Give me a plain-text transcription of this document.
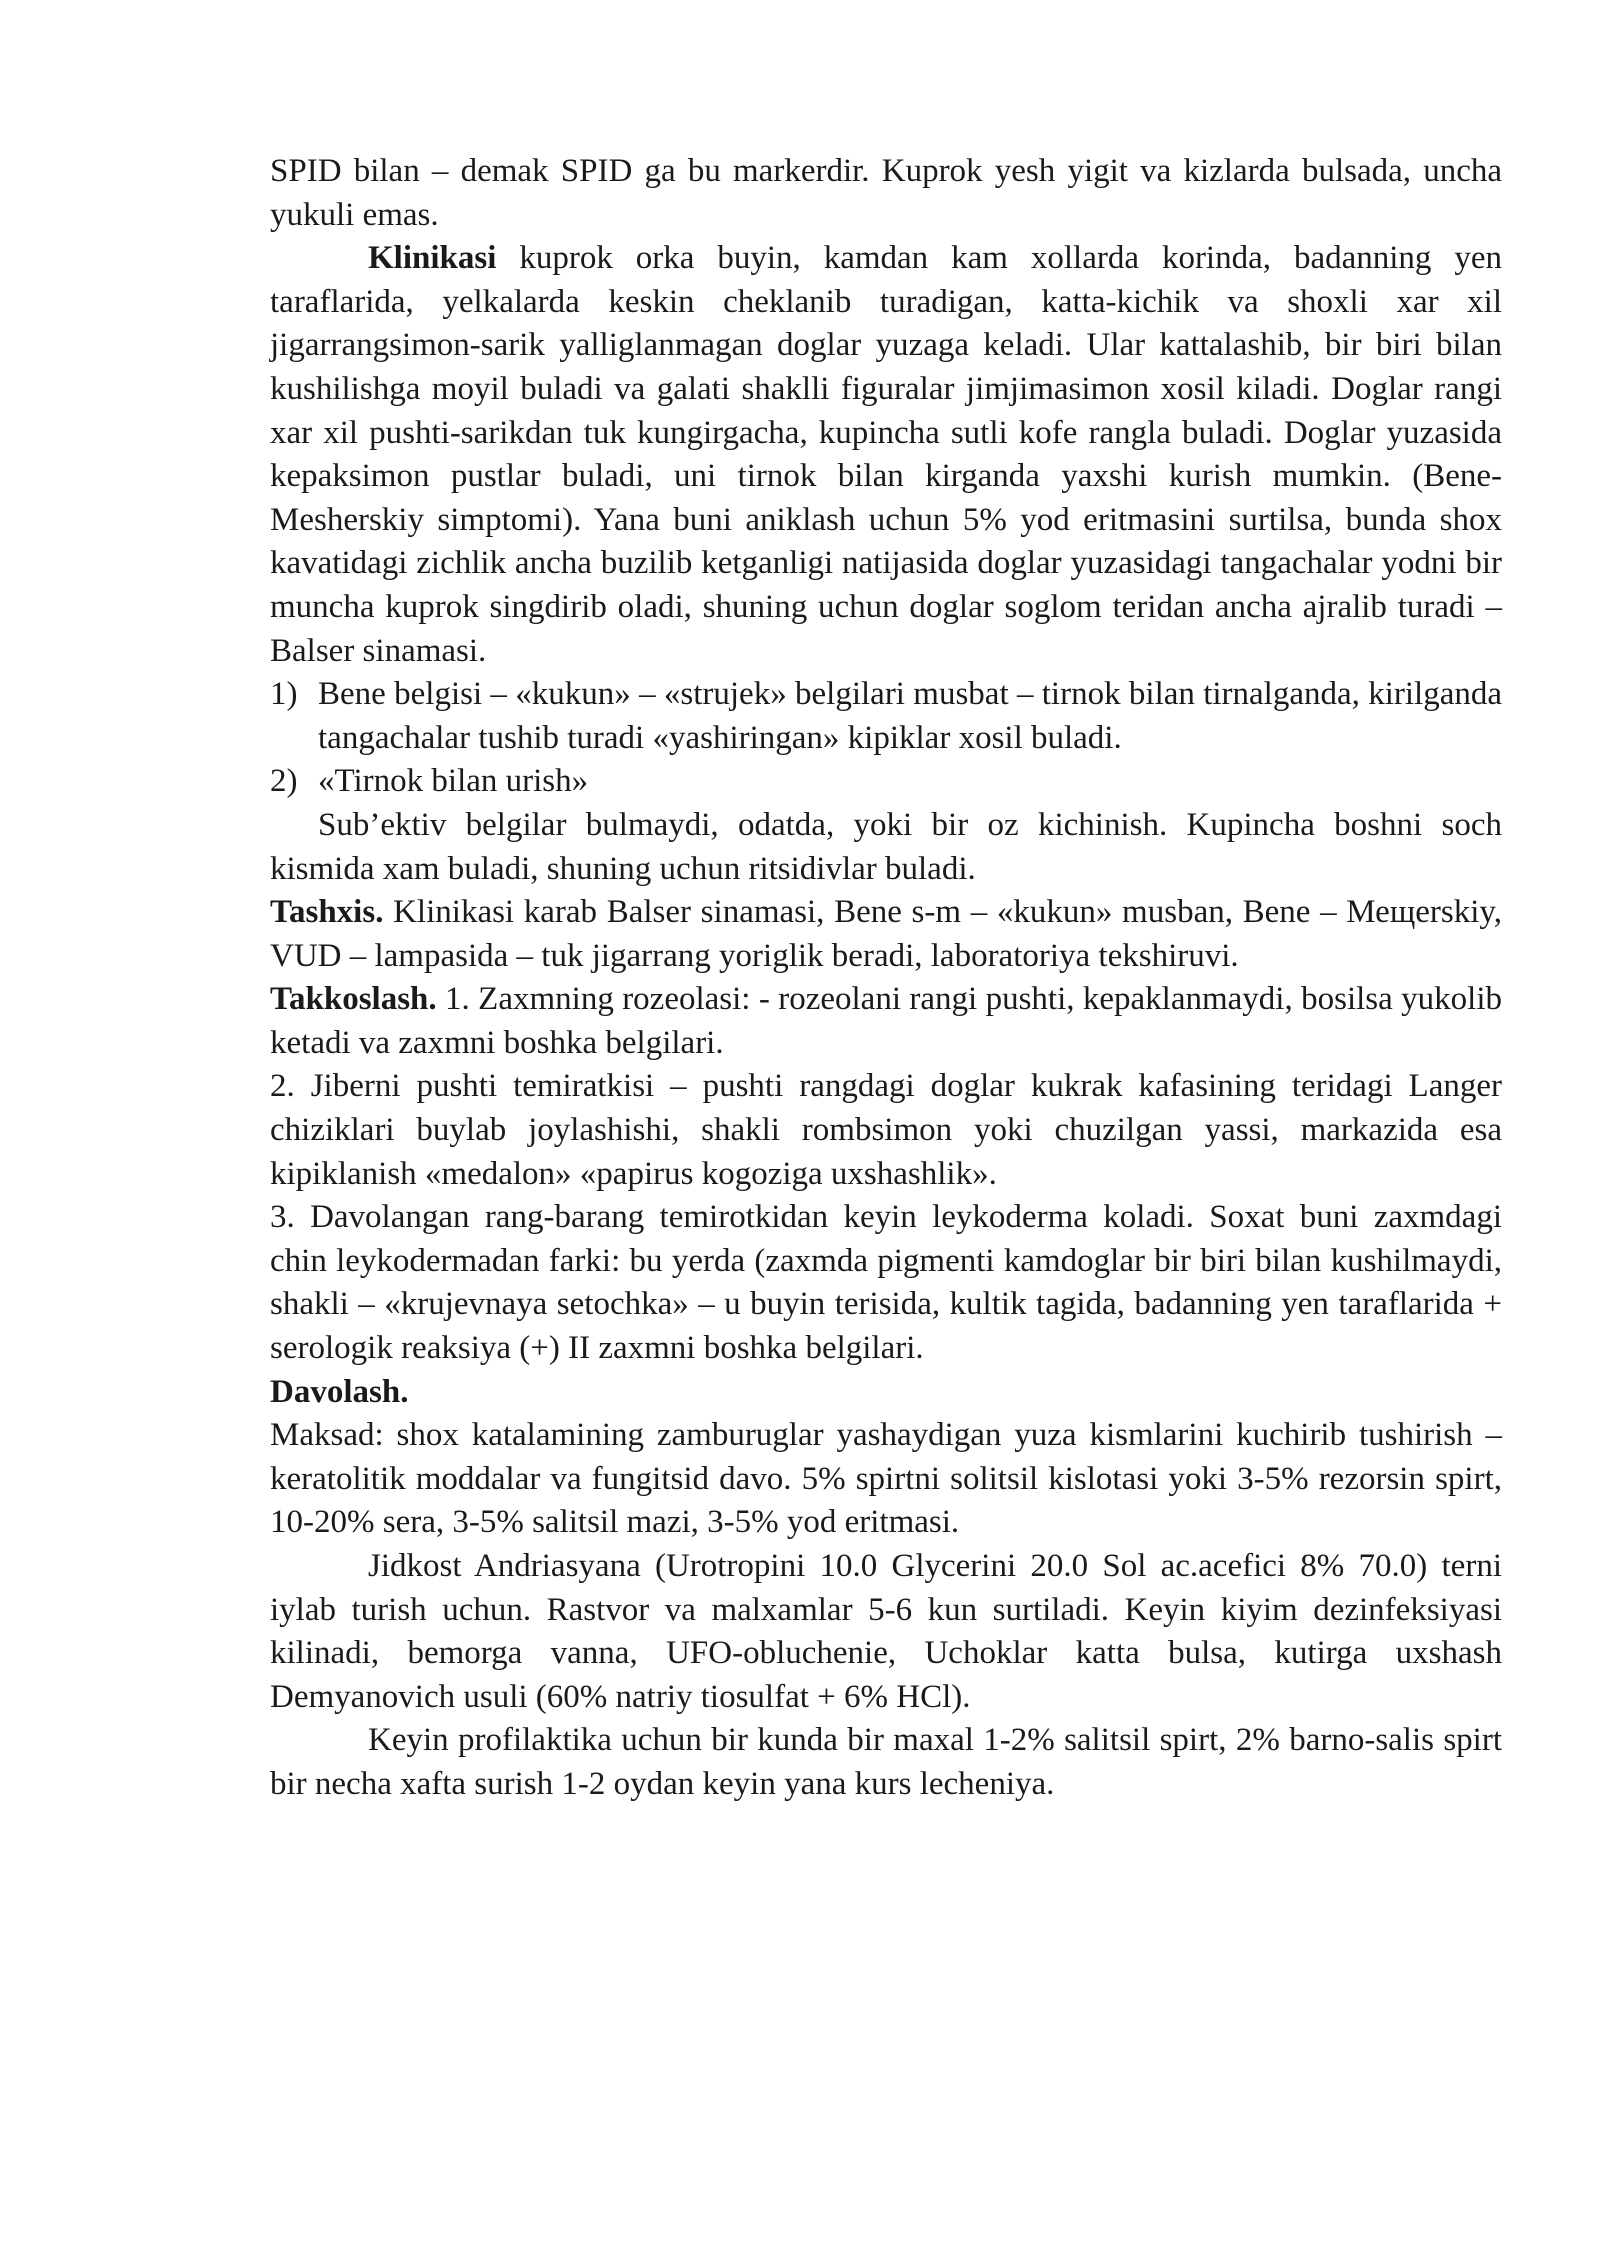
SPID bilan – demak SPID ga bu markerdir. Kuprok yesh yigit va kizlarda bulsada, uncha yukuli emas.

Klinikasi kuprok orka buyin, kamdan kam xollarda korinda, badanning yen taraflarida, yelkalarda keskin cheklanib turadigan, katta-kichik va shoxli xar xil jigarrangsimon-sarik yalliglanmagan doglar yuzaga keladi. Ular kattalashib, bir biri bilan kushilishga moyil buladi va galati shaklli figuralar jimjimasimon xosil kiladi. Doglar rangi xar xil pushti-sarikdan tuk kungirgacha, kupincha sutli kofe rangla buladi. Doglar yuzasida kepaksimon pustlar buladi, uni tirnok bilan kirganda yaxshi kurish mumkin. (Bene-Mesherskiy simptomi). Yana buni aniklash uchun 5% yod eritmasini surtilsa, bunda shox kavatidagi zichlik ancha buzilib ketganligi natijasida doglar yuzasidagi tangachalar yodni bir muncha kuprok singdirib oladi, shuning uchun doglar soglom teridan ancha ajralib turadi – Balser sinamasi.

1) Bene belgisi – «kukun» – «strujek» belgilari musbat – tirnok bilan tirnalganda, kirilganda tangachalar tushib turadi «yashiringan» kipiklar xosil buladi.
2) «Tirnok bilan urish»

Sub’ektiv belgilar bulmaydi, odatda, yoki bir oz kichinish. Kupincha boshni soch kismida xam buladi, shuning uchun ritsidivlar buladi.

Tashxis. Klinikasi karab Balser sinamasi, Bene s-m – «kukun» musban, Bene – Мещerskiy, VUD – lampasida – tuk jigarrang yoriglik beradi, laboratoriya tekshiruvi.

Takkoslash. 1. Zaxmning rozeolasi: - rozeolani rangi pushti, kepaklanmaydi, bosilsa yukolib ketadi va zaxmni boshka belgilari.

2. Jiberni pushti temiratkisi – pushti rangdagi doglar kukrak kafasining teridagi Langer chiziklari buylab joylashishi, shakli rombsimon yoki chuzilgan yassi, markazida esa kipiklanish «medalon» «papirus kogoziga uxshashlik».

3. Davolangan rang-barang temirotkidan keyin leykoderma koladi. Soxat buni zaxmdagi chin leykodermadan farki: bu yerda (zaxmda pigmenti kamdoglar bir biri bilan kushilmaydi, shakli – «krujevnaya setochka» – u buyin terisida, kultik tagida, badanning yen taraflarida + serologik reaksiya (+) II zaxmni boshka belgilari.

Davolash.

Maksad: shox katalamining zamburuglar yashaydigan yuza kismlarini kuchirib tushirish – keratolitik moddalar va fungitsid davo. 5% spirtni solitsil kislotasi yoki 3-5% rezorsin spirt, 10-20% sera, 3-5% salitsil mazi, 3-5% yod eritmasi.

Jidkost Andriasyana (Urotropini 10.0 Glycerini 20.0 Sol ac.acefici 8% 70.0) terni iylab turish uchun. Rastvor va malxamlar 5-6 kun surtiladi. Keyin kiyim dezinfeksiyasi kilinadi, bemorga vanna, UFO-obluchenie, Uchoklar katta bulsa, kutirga uxshash Demyanovich usuli (60% natriy tiosulfat + 6% HCl).

Keyin profilaktika uchun bir kunda bir maxal 1-2% salitsil spirt, 2% barno-salis spirt bir necha xafta surish 1-2 oydan keyin yana kurs lecheniya.
